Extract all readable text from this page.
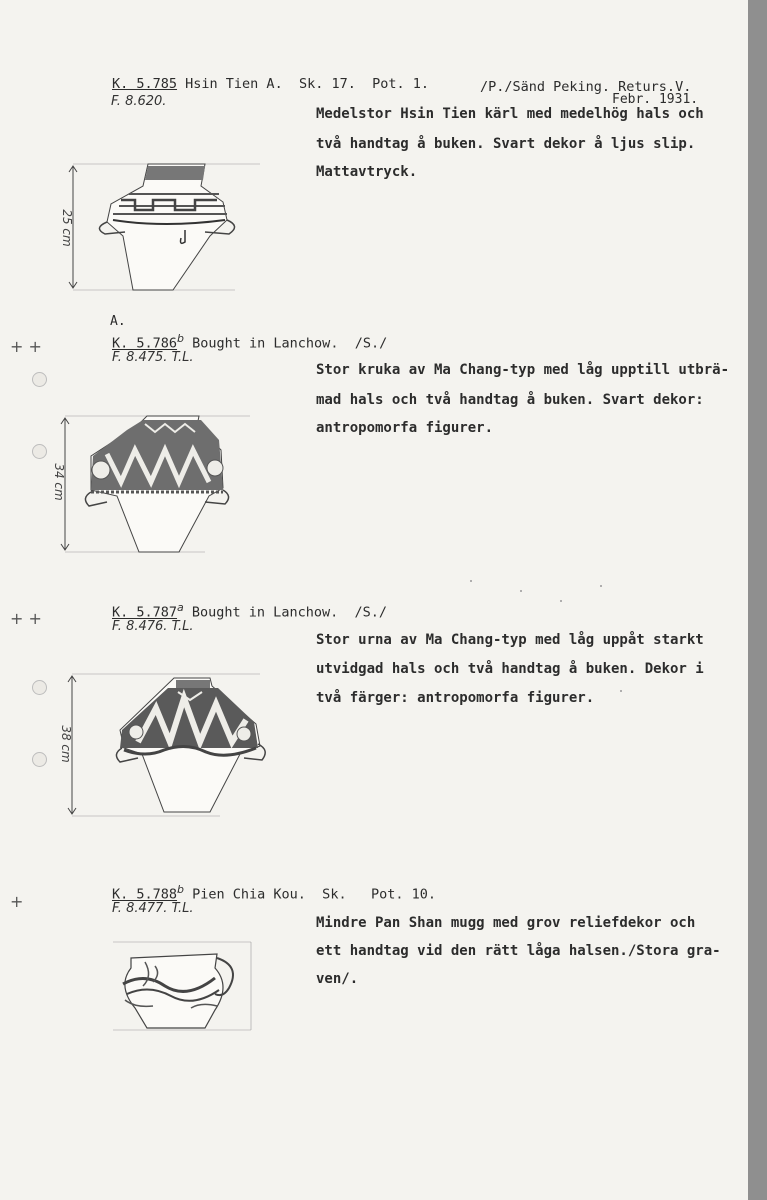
K. 5.785 Hsin Tien A.  Sk. 17.  Pot. 1.	/P./Sänd Peking. Returs.V.
Febr. 1931.
F. 8.620.
Medelstor Hsin Tien kärl med medelhög hals och
två handtag å buken. Svart dekor å ljus slip.
Mattavtryck.
25 cm
+ +
A.
K. 5.786$^b$ Bought in Lanchow.  /S./
F. 8.475. T.L.
Stor kruka av Ma Chang-typ med låg upptill utbrä-
mad hals och två handtag å buken. Svart dekor:
antropomorfa figurer.
34 cm
+ +	K. 5.787$^a$ Bought in Lanchow.  /S./
F. 8.476. T.L.
Stor urna av Ma Chang-typ med låg uppåt starkt
utvidgad hals och två handtag å buken. Dekor i
två färger: antropomorfa figurer.
38 cm
+	K. 5.788$^b$ Pien Chia Kou.  Sk.   Pot. 10.
F. 8.477. T.L.
Mindre Pan Shan mugg med grov reliefdekor och
ett handtag vid den rätt låga halsen./Stora gra-
ven/.
